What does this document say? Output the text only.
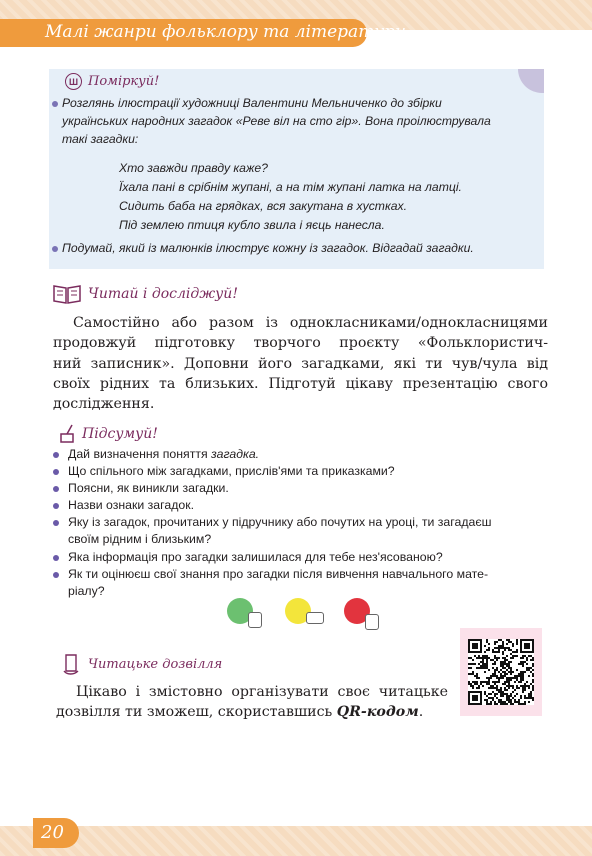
Малі жанри фольклору та літератури
Ш Поміркуй!
Розглянь ілюстрації художниці Валентини Мельниченко до збірки
українських народних загадок «Реве віл на сто гір». Вона проілюструвала
такі загадки:
Хто завжди правду каже?
Їхала пані в срібнім жупані, а на тім жупані латка на латці.
Сидить баба на грядках, вся закутана в хустках.
Під землею птиця кубло звила і яєць нанесла.
Подумай, який із малюнків ілюструє кожну із загадок. Відгадай загадки.
Читай і досліджуй!
Самостійно або разом із однокласниками/однокласницями
продовжуй підготовку творчого проєкту «Фольклористич-
ний записник». Доповни його загадками, які ти чув/чула від
своїх рідних та близьких. Підготуй цікаву презентацію свого
дослідження.
Підсумуй!
Дай визначення поняття загадка.
Що спільного між загадками, прислів'ями та приказками?
Поясни, як виникли загадки.
Назви ознаки загадок.
Яку із загадок, прочитаних у підручнику або почутих на уроці, ти загадаєш
своїм рідним і близьким?
Яка інформація про загадки залишилася для тебе нез'ясованою?
Як ти оцінюєш свої знання про загадки після вивчення навчального мате-
ріалу?
Читацьке дозвілля
Цікаво і змістовно організувати своє читацьке
дозвілля ти зможеш, скориставшись QR-кодом.
20
